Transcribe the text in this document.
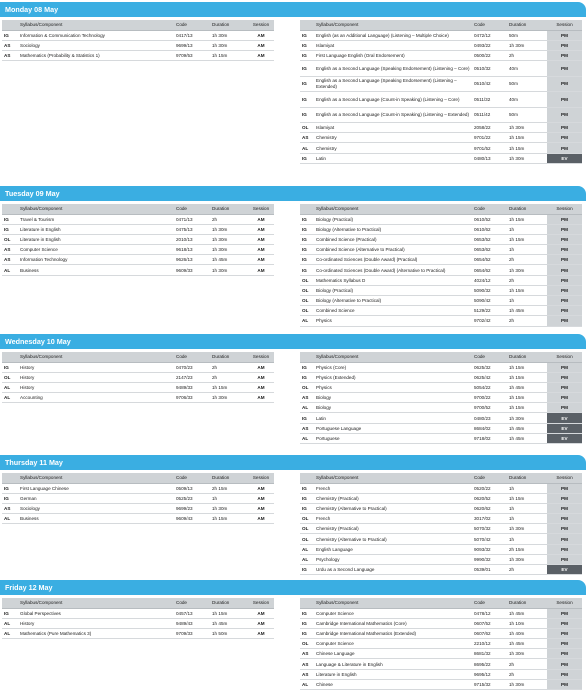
Monday 08 May
	Syllabus/Component	Code	Duration	Session
IG	Information & Communication Technology	0417/13	1h 30m	AM
AS	Sociology	9699/13	1h 30m	AM
AS	Mathematics (Probability & Statistics 1)	9709/53	1h 15m	AM
	Syllabus/Component	Code	Duration	Session
IG	English (as an Additional Language) (Listening – Multiple Choice)	0472/12	50m	PM
IG	Islamiyat	0493/22	1h 30m	PM
IG	First Language English (Oral Endorsement)	0500/22	2h	PM
IG	English as a Second Language (Speaking Endorsement) (Listening – Core)	0510/32	40m	PM
IG	English as a Second Language (Speaking Endorsement) (Listening – Extended)	0510/42	50m	PM
IG	English as a Second Language (Count-in Speaking) (Listening – Core)	0511/32	40m	PM
IG	English as a Second Language (Count-in Speaking) (Listening – Extended)	0511/42	50m	PM
OL	Islamiyat	2058/22	1h 30m	PM
AS	Chemistry	9701/22	1h 15m	PM
AL	Chemistry	9701/52	1h 15m	PM
IG	Latin	0480/13	1h 30m	EV
Tuesday 09 May
	Syllabus/Component	Code	Duration	Session
IG	Travel & Tourism	0471/13	2h	AM
IG	Literature in English	0475/13	1h 30m	AM
OL	Literature in English	2010/13	1h 30m	AM
AS	Computer Science	9618/13	1h 30m	AM
AS	Information Technology	9626/13	1h 45m	AM
AL	Business	9609/33	1h 30m	AM
	Syllabus/Component	Code	Duration	Session
IG	Biology (Practical)	0610/52	1h 15m	PM
IG	Biology (Alternative to Practical)	0610/62	1h	PM
IG	Combined Science (Practical)	0653/52	1h 15m	PM
IG	Combined Science (Alternative to Practical)	0653/62	1h	PM
IG	Co-ordinated Sciences (Double Award) (Practical)	0654/52	2h	PM
IG	Co-ordinated Sciences (Double Award) (Alternative to Practical)	0654/62	1h 30m	PM
OL	Mathematics Syllabus D	4024/12	2h	PM
OL	Biology (Practical)	5090/32	1h 15m	PM
OL	Biology (Alternative to Practical)	5090/42	1h	PM
OL	Combined Science	5129/22	1h 45m	PM
AL	Physics	9702/42	2h	PM
Wednesday 10 May
	Syllabus/Component	Code	Duration	Session
IG	History	0470/23	2h	AM
OL	History	2147/23	2h	AM
AL	History	9489/33	1h 15m	AM
AL	Accounting	9706/33	1h 30m	AM
	Syllabus/Component	Code	Duration	Session
IG	Physics (Core)	0625/32	1h 15m	PM
IG	Physics (Extended)	0625/42	1h 15m	PM
OL	Physics	5054/22	1h 45m	PM
AS	Biology	9700/22	1h 15m	PM
AL	Biology	9700/52	1h 15m	PM
IG	Latin	0480/23	1h 30m	EV
AS	Portuguese Language	8684/02	1h 45m	EV
AL	Portuguese	9718/02	1h 45m	EV
Thursday 11 May
	Syllabus/Component	Code	Duration	Session
IG	First Language Chinese	0509/13	2h 15m	AM
IG	German	0525/23	1h	AM
AS	Sociology	9699/23	1h 30m	AM
AL	Business	9609/43	1h 15m	AM
	Syllabus/Component	Code	Duration	Session
IG	French	0520/22	1h	PM
IG	Chemistry (Practical)	0620/52	1h 15m	PM
IG	Chemistry (Alternative to Practical)	0620/62	1h	PM
OL	French	3017/02	1h	PM
OL	Chemistry (Practical)	5070/32	1h 30m	PM
OL	Chemistry (Alternative to Practical)	5070/42	1h	PM
AL	English Language	9093/32	2h 15m	PM
AL	Psychology	9990/32	1h 30m	PM
IG	Urdu as a Second Language	0539/01	2h	EV
Friday 12 May
	Syllabus/Component	Code	Duration	Session
IG	Global Perspectives	0457/13	1h 15m	AM
AL	History	9489/43	1h 45m	AM
AL	Mathematics (Pure Mathematics 3)	9709/33	1h 50m	AM
	Syllabus/Component	Code	Duration	Session
IG	Computer Science	0478/12	1h 45m	PM
IG	Cambridge International Mathematics (Core)	0607/52	1h 10m	PM
IG	Cambridge International Mathematics (Extended)	0607/62	1h 40m	PM
OL	Computer Science	2210/12	1h 45m	PM
AS	Chinese Language	8681/32	1h 30m	PM
AS	Language & Literature in English	8695/22	2h	PM
AS	Literature in English	9695/12	2h	PM
AL	Chinese	9715/32	1h 30m	PM
